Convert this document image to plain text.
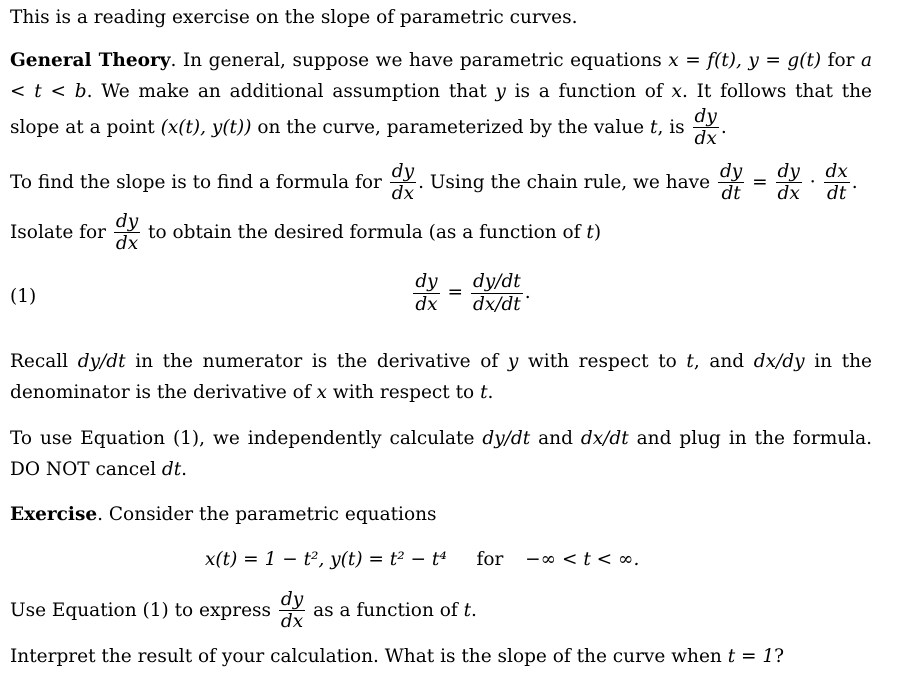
This is a reading exercise on the slope of parametric curves.
General Theory. In general, suppose we have parametric equations x = f(t), y = g(t) for a < t < b. We make an additional assumption that y is a function of x. It follows that the slope at a point (x(t), y(t)) on the curve, parameterized by the value t, is $\frac{dy}{dx}$ .
To find the slope is to find a formula for $\frac{dy}{dx}$ . Using the chain rule, we have $\frac{dy}{dt} = \frac{dy}{dx} \cdot \frac{dx}{dt}$ .
Isolate for $\frac{dy}{dx}$ to obtain the desired formula (as a function of t)
(1)	$\frac{dy}{dx} = \frac{dy/dt}{dx/dt}$ .
Recall dy/dt in the numerator is the derivative of y with respect to t, and dx/dy in the denominator is the derivative of x with respect to t.
To use Equation (1), we independently calculate dy/dt and dx/dt and plug in the formula. DO NOT cancel dt.
Exercise. Consider the parametric equations
x(t) = 1 − t², y(t) = t² − t⁴ for −∞ < t < ∞.
Use Equation (1) to express $\frac{dy}{dx}$ as a function of t.
Interpret the result of your calculation. What is the slope of the curve when t = 1?
